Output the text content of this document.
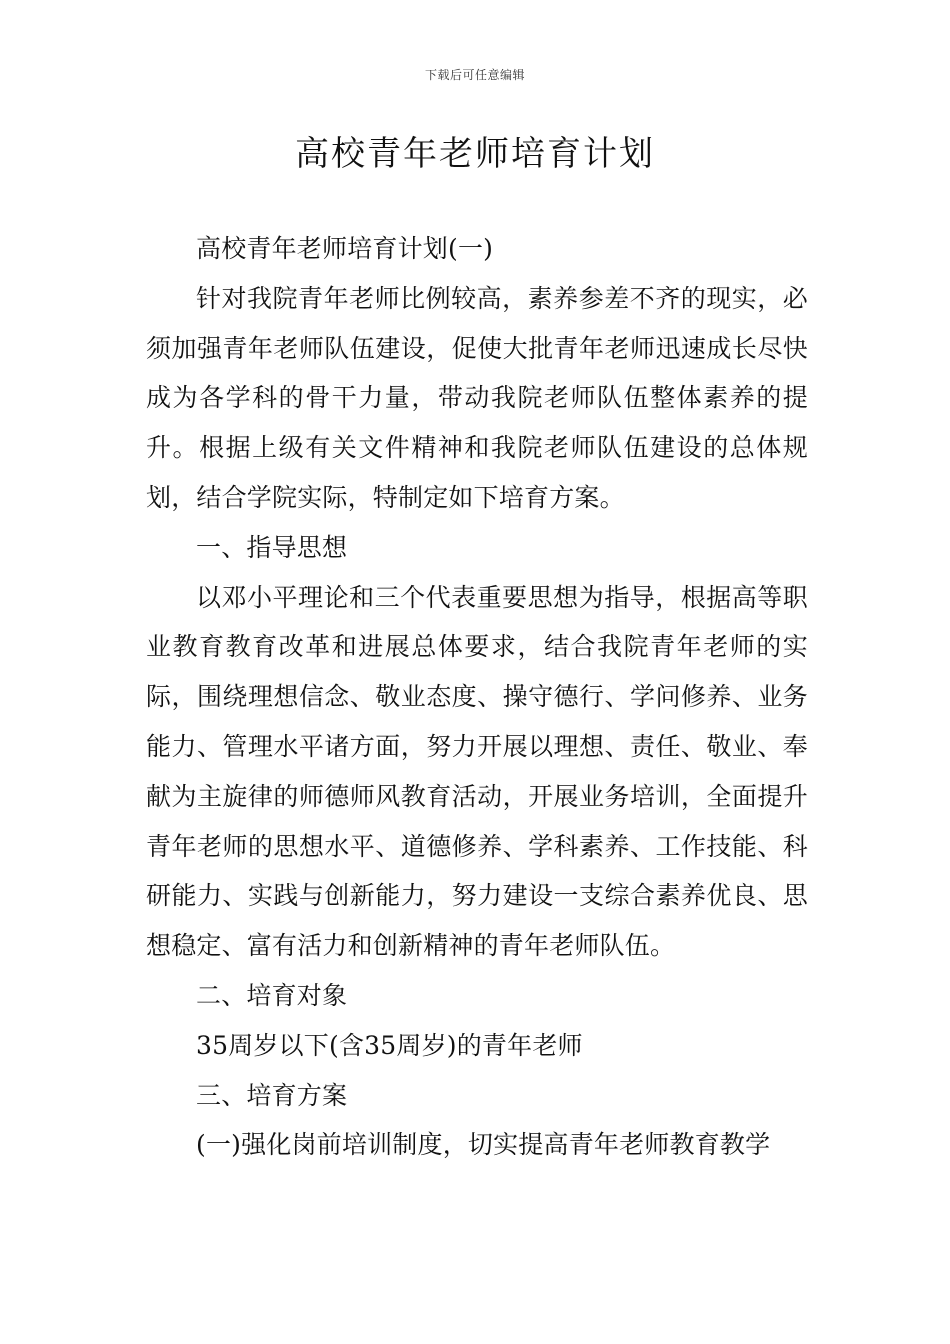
下载后可任意编辑
高校青年老师培育计划

高校青年老师培育计划(一)

针对我院青年老师比例较高，素养参差不齐的现实，必须加强青年老师队伍建设，促使大批青年老师迅速成长尽快成为各学科的骨干力量，带动我院老师队伍整体素养的提升。根据上级有关文件精神和我院老师队伍建设的总体规划，结合学院实际，特制定如下培育方案。

一、指导思想

以邓小平理论和三个代表重要思想为指导，根据高等职业教育教育改革和进展总体要求，结合我院青年老师的实际，围绕理想信念、敬业态度、操守德行、学问修养、业务能力、管理水平诸方面，努力开展以理想、责任、敬业、奉献为主旋律的师德师风教育活动，开展业务培训，全面提升青年老师的思想水平、道德修养、学科素养、工作技能、科研能力、实践与创新能力，努力建设一支综合素养优良、思想稳定、富有活力和创新精神的青年老师队伍。

二、培育对象

35周岁以下(含35周岁)的青年老师

三、培育方案

(一)强化岗前培训制度，切实提高青年老师教育教学
